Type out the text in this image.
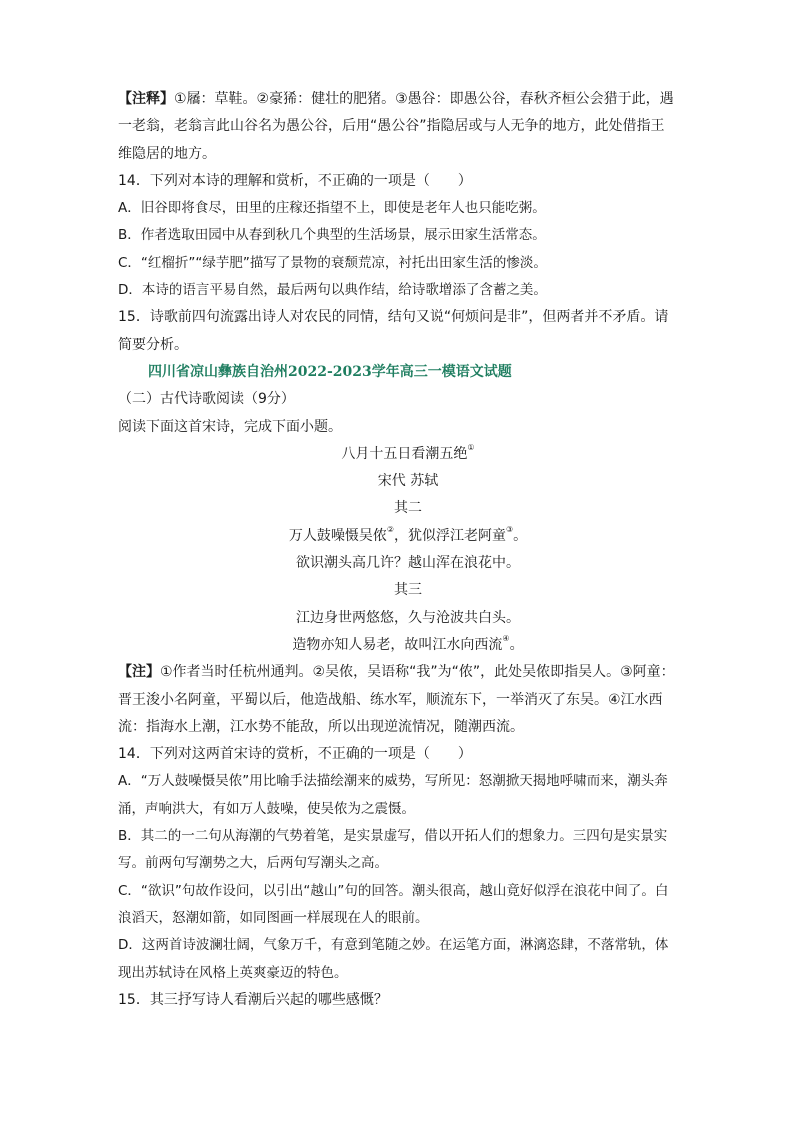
【注释】①屩：草鞋。②豪狶：健壮的肥猪。③愚谷：即愚公谷，春秋齐桓公会猎于此，遇一老翁，老翁言此山谷名为愚公谷，后用“愚公谷”指隐居或与人无争的地方，此处借指王维隐居的地方。

14．下列对本诗的理解和赏析，不正确的一项是（　　）

A．旧谷即将食尽，田里的庄稼还指望不上，即使是老年人也只能吃粥。

B．作者选取田园中从春到秋几个典型的生活场景，展示田家生活常态。

C．“红榴折”“绿芋肥”描写了景物的衰颓荒凉，衬托出田家生活的惨淡。

D．本诗的语言平易自然，最后两句以典作结，给诗歌增添了含蓄之美。

15．诗歌前四句流露出诗人对农民的同情，结句又说“何烦问是非”，但两者并不矛盾。请简要分析。

四川省凉山彝族自治州2022-2023学年高三一模语文试题

（二）古代诗歌阅读（9分）

阅读下面这首宋诗，完成下面小题。

八月十五日看潮五绝①

宋代 苏轼

其二

万人鼓噪慑吴侬②，犹似浮江老阿童③。

欲识潮头高几许？越山浑在浪花中。

其三

江边身世两悠悠，久与沧波共白头。

造物亦知人易老，故叫江水向西流④。

【注】①作者当时任杭州通判。②吴侬，吴语称“我”为“侬”，此处吴侬即指吴人。③阿童：晋王浚小名阿童，平蜀以后，他造战船、练水军，顺流东下，一举消灭了东吴。④江水西流：指海水上潮，江水势不能敌，所以出现逆流情况，随潮西流。

14．下列对这两首宋诗的赏析，不正确的一项是（　　）

A．“万人鼓噪慑吴侬”用比喻手法描绘潮来的威势，写所见：怒潮掀天揭地呼啸而来，潮头奔涌，声响洪大，有如万人鼓噪，使吴侬为之震慑。

B．其二的一二句从海潮的气势着笔，是实景虚写，借以开拓人们的想象力。三四句是实景实写。前两句写潮势之大，后两句写潮头之高。

C．“欲识”句故作设问，以引出“越山”句的回答。潮头很高，越山竟好似浮在浪花中间了。白浪滔天，怒潮如箭，如同图画一样展现在人的眼前。

D．这两首诗波澜壮阔，气象万千，有意到笔随之妙。在运笔方面，淋漓恣肆，不落常轨，体现出苏轼诗在风格上英爽豪迈的特色。

15．其三抒写诗人看潮后兴起的哪些感慨？
